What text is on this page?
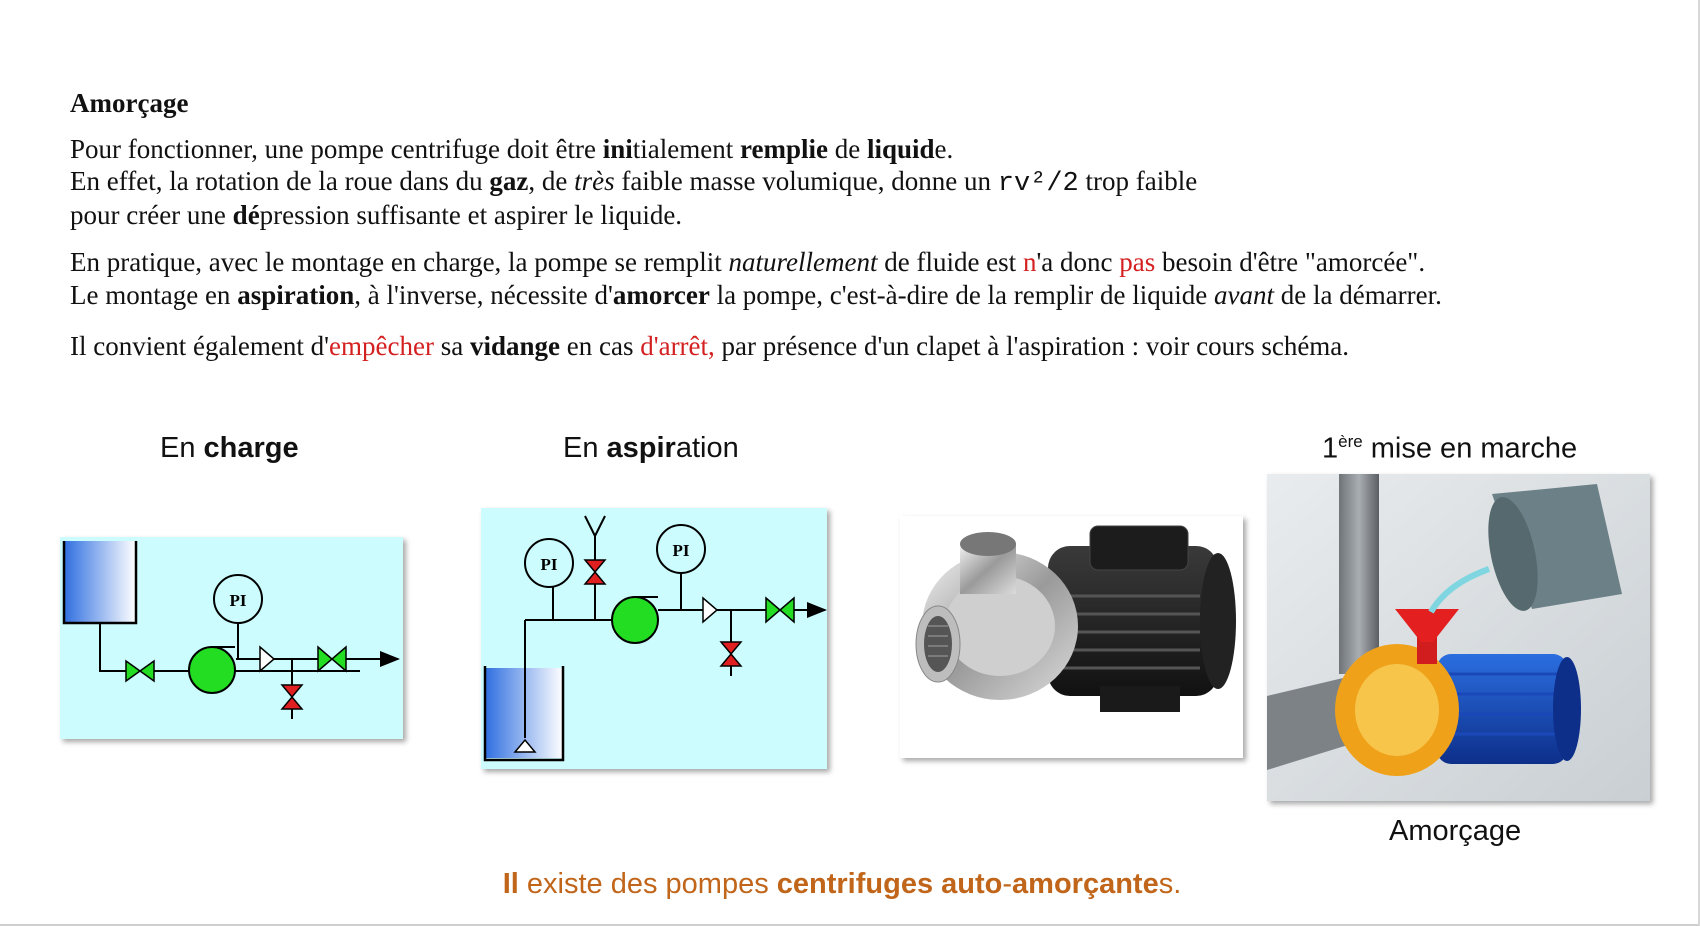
Amorçage
Pour fonctionner, une pompe centrifuge doit être initialement remplie de liquide.
En effet, la rotation de la roue dans du gaz, de très faible masse volumique, donne un rv²/2 trop faible
pour créer une dépression suffisante et aspirer le liquide.
En pratique, avec le montage en charge, la pompe se remplit naturellement de fluide est n'a donc pas besoin d'être "amorcée".
Le montage en aspiration, à l'inverse, nécessite d'amorcer la pompe, c'est-à-dire de la remplir de liquide avant de la démarrer.
Il convient également d'empêcher sa vidange en cas d'arrêt, par présence d'un clapet à l'aspiration : voir cours schéma.
En charge	En aspiration	1ère mise en marche
PI
PI
PI
Amorçage
Il existe des pompes centrifuges auto-amorçantes.
